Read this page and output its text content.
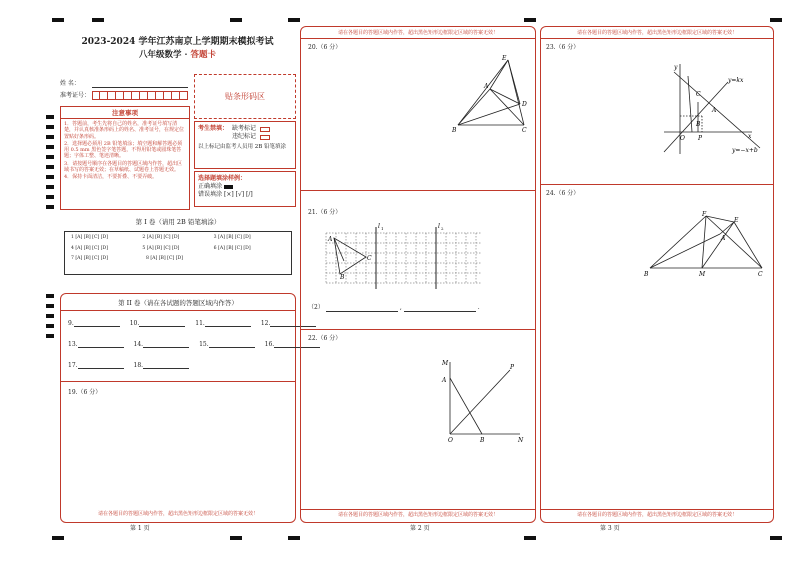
2023-2024 学年江苏南京上学期期末模拟考试
八年级数学 · 答题卡
姓 名：
准考证号：	贴条形码区
注意事项
1．答题前，考生先将自己的姓名，准考证号填写清楚，并认真核准条形码上的姓名、准考证号，在规定位置贴好条形码。
2．选择题必须用 2B 铅笔填涂；填空题和解答题必须用 0.5 mm 黑色签字笔答题，不得用铅笔或圆珠笔答题；字体工整、笔迹清晰。
3．请按题号顺序在各题目的答题区域内作答，超出区域书写的答案无效；在草稿纸、试题卷上答题无效。
4．保持卡面清洁，不要折叠、不要弄破。
考生禁填： 缺考标记
违纪标记
以上标记由监考人员用 2B 铅笔填涂
选择题填涂样例：
正确填涂
错误填涂 [×] [√] [/]
第 I 卷（请用 2B 铅笔填涂）
1 [A] [B] [C] [D]	2 [A] [B] [C] [D]	3 [A] [B] [C] [D]
4 [A] [B] [C] [D]	5 [A] [B] [C] [D]	6 [A] [B] [C] [D]
7 [A] [B] [C] [D]	8 [A] [B] [C] [D]
第 II 卷（请在各试题的答题区域内作答）
9.	10.	11.	12.
13.	14.	15.	16.
17.	18.
19.（6 分）
请在各题目的答题区域内作答，超出黑色矩形边框限定区域的答案无效！
第 1 页
请在各题目的答题区域内作答，超出黑色矩形边框限定区域的答案无效！
20.（6 分）
E
A
D
B	C
21.（6 分）
l 1	l 2
A
B
C
（2）	,	.
22.（6 分）
M
A
P
O	B	N
请在各题目的答题区域内作答，超出黑色矩形边框限定区域的答案无效！
第 2 页
请在各题目的答题区域内作答，超出黑色矩形边框限定区域的答案无效！
23.（6 分）
y
x
C
A
B
O P
y=kx
y=−x+b
24.（6 分）
F
E
A
B	M	C
请在各题目的答题区域内作答，超出黑色矩形边框限定区域的答案无效！
第 3 页
